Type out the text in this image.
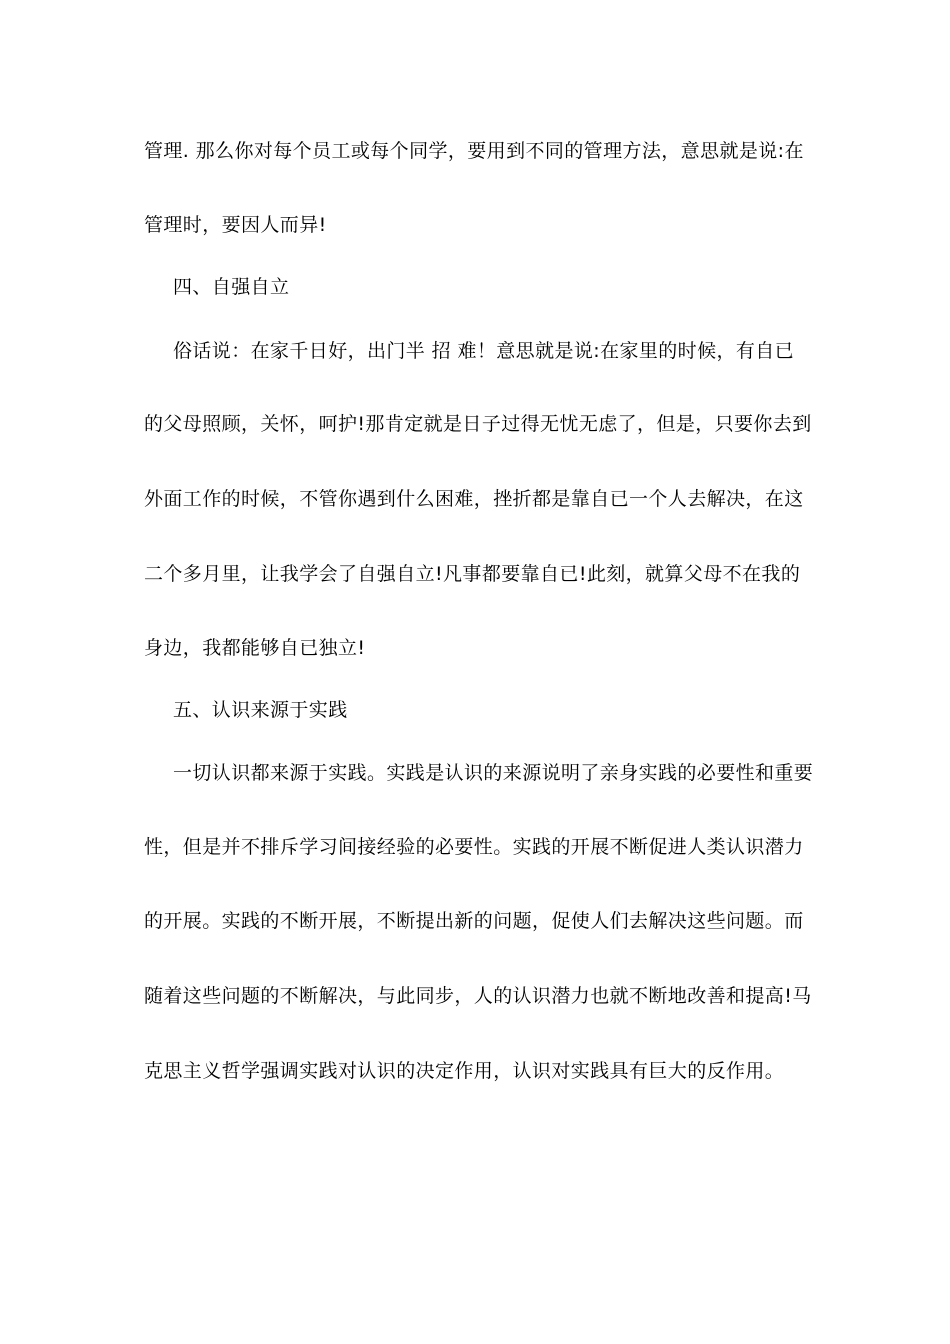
管理. 那么你对每个员工或每个同学，要用到不同的管理方法，意思就是说:在
管理时，要因人而异!
四、自强自立
俗话说：在家千日好，出门半 招 难！意思就是说:在家里的时候，有自已
的父母照顾，关怀，呵护!那肯定就是日子过得无忧无虑了，但是，只要你去到
外面工作的时候，不管你遇到什么困难，挫折都是靠自已一个人去解决，在这
二个多月里，让我学会了自强自立!凡事都要靠自已!此刻，就算父母不在我的
身边，我都能够自已独立!
五、认识来源于实践
一切认识都来源于实践。实践是认识的来源说明了亲身实践的必要性和重要
性，但是并不排斥学习间接经验的必要性。实践的开展不断促进人类认识潜力
的开展。实践的不断开展，不断提出新的问题，促使人们去解决这些问题。而
随着这些问题的不断解决，与此同步，人的认识潜力也就不断地改善和提高!马
克思主义哲学强调实践对认识的决定作用，认识对实践具有巨大的反作用。
